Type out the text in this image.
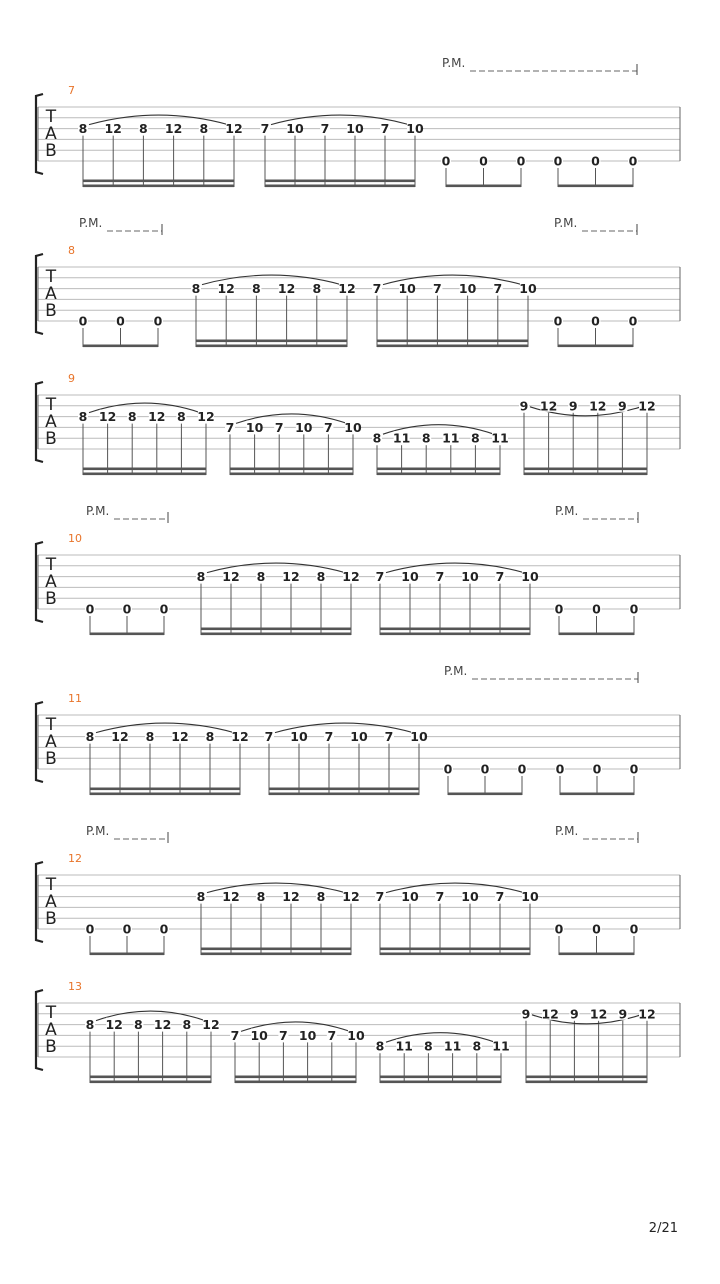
T
A
B
7
8 12 8 12 8 12 7 10 7 10 7 10
0 0 0 0 0 0
P.M.
T
A
B
8
0 0 0
8 12 8 12 8 12 7 10 7 10 7 10
0 0 0
P.M.	P.M.
T
A
B
9
8 12 8 12 8 12
7 10 7 10 7 10
8 11 8 11 8 11
9 12 9 12 9 12
T
A
B
10
0 0 0
8 12 8 12 8 12 7 10 7 10 7 10
0 0 0
P.M.	P.M.
T
A
B
11
8 12 8 12 8 12 7 10 7 10 7 10
0 0 0 0 0 0
P.M.
T
A
B
12
0 0 0
8 12 8 12 8 12 7 10 7 10 7 10
0 0 0
P.M.	P.M.
T
A
B
13
8 12 8 12 8 12
7 10 7 10 7 10
8 11 8 11 8 11
9 12 9 12 9 12
2/21
